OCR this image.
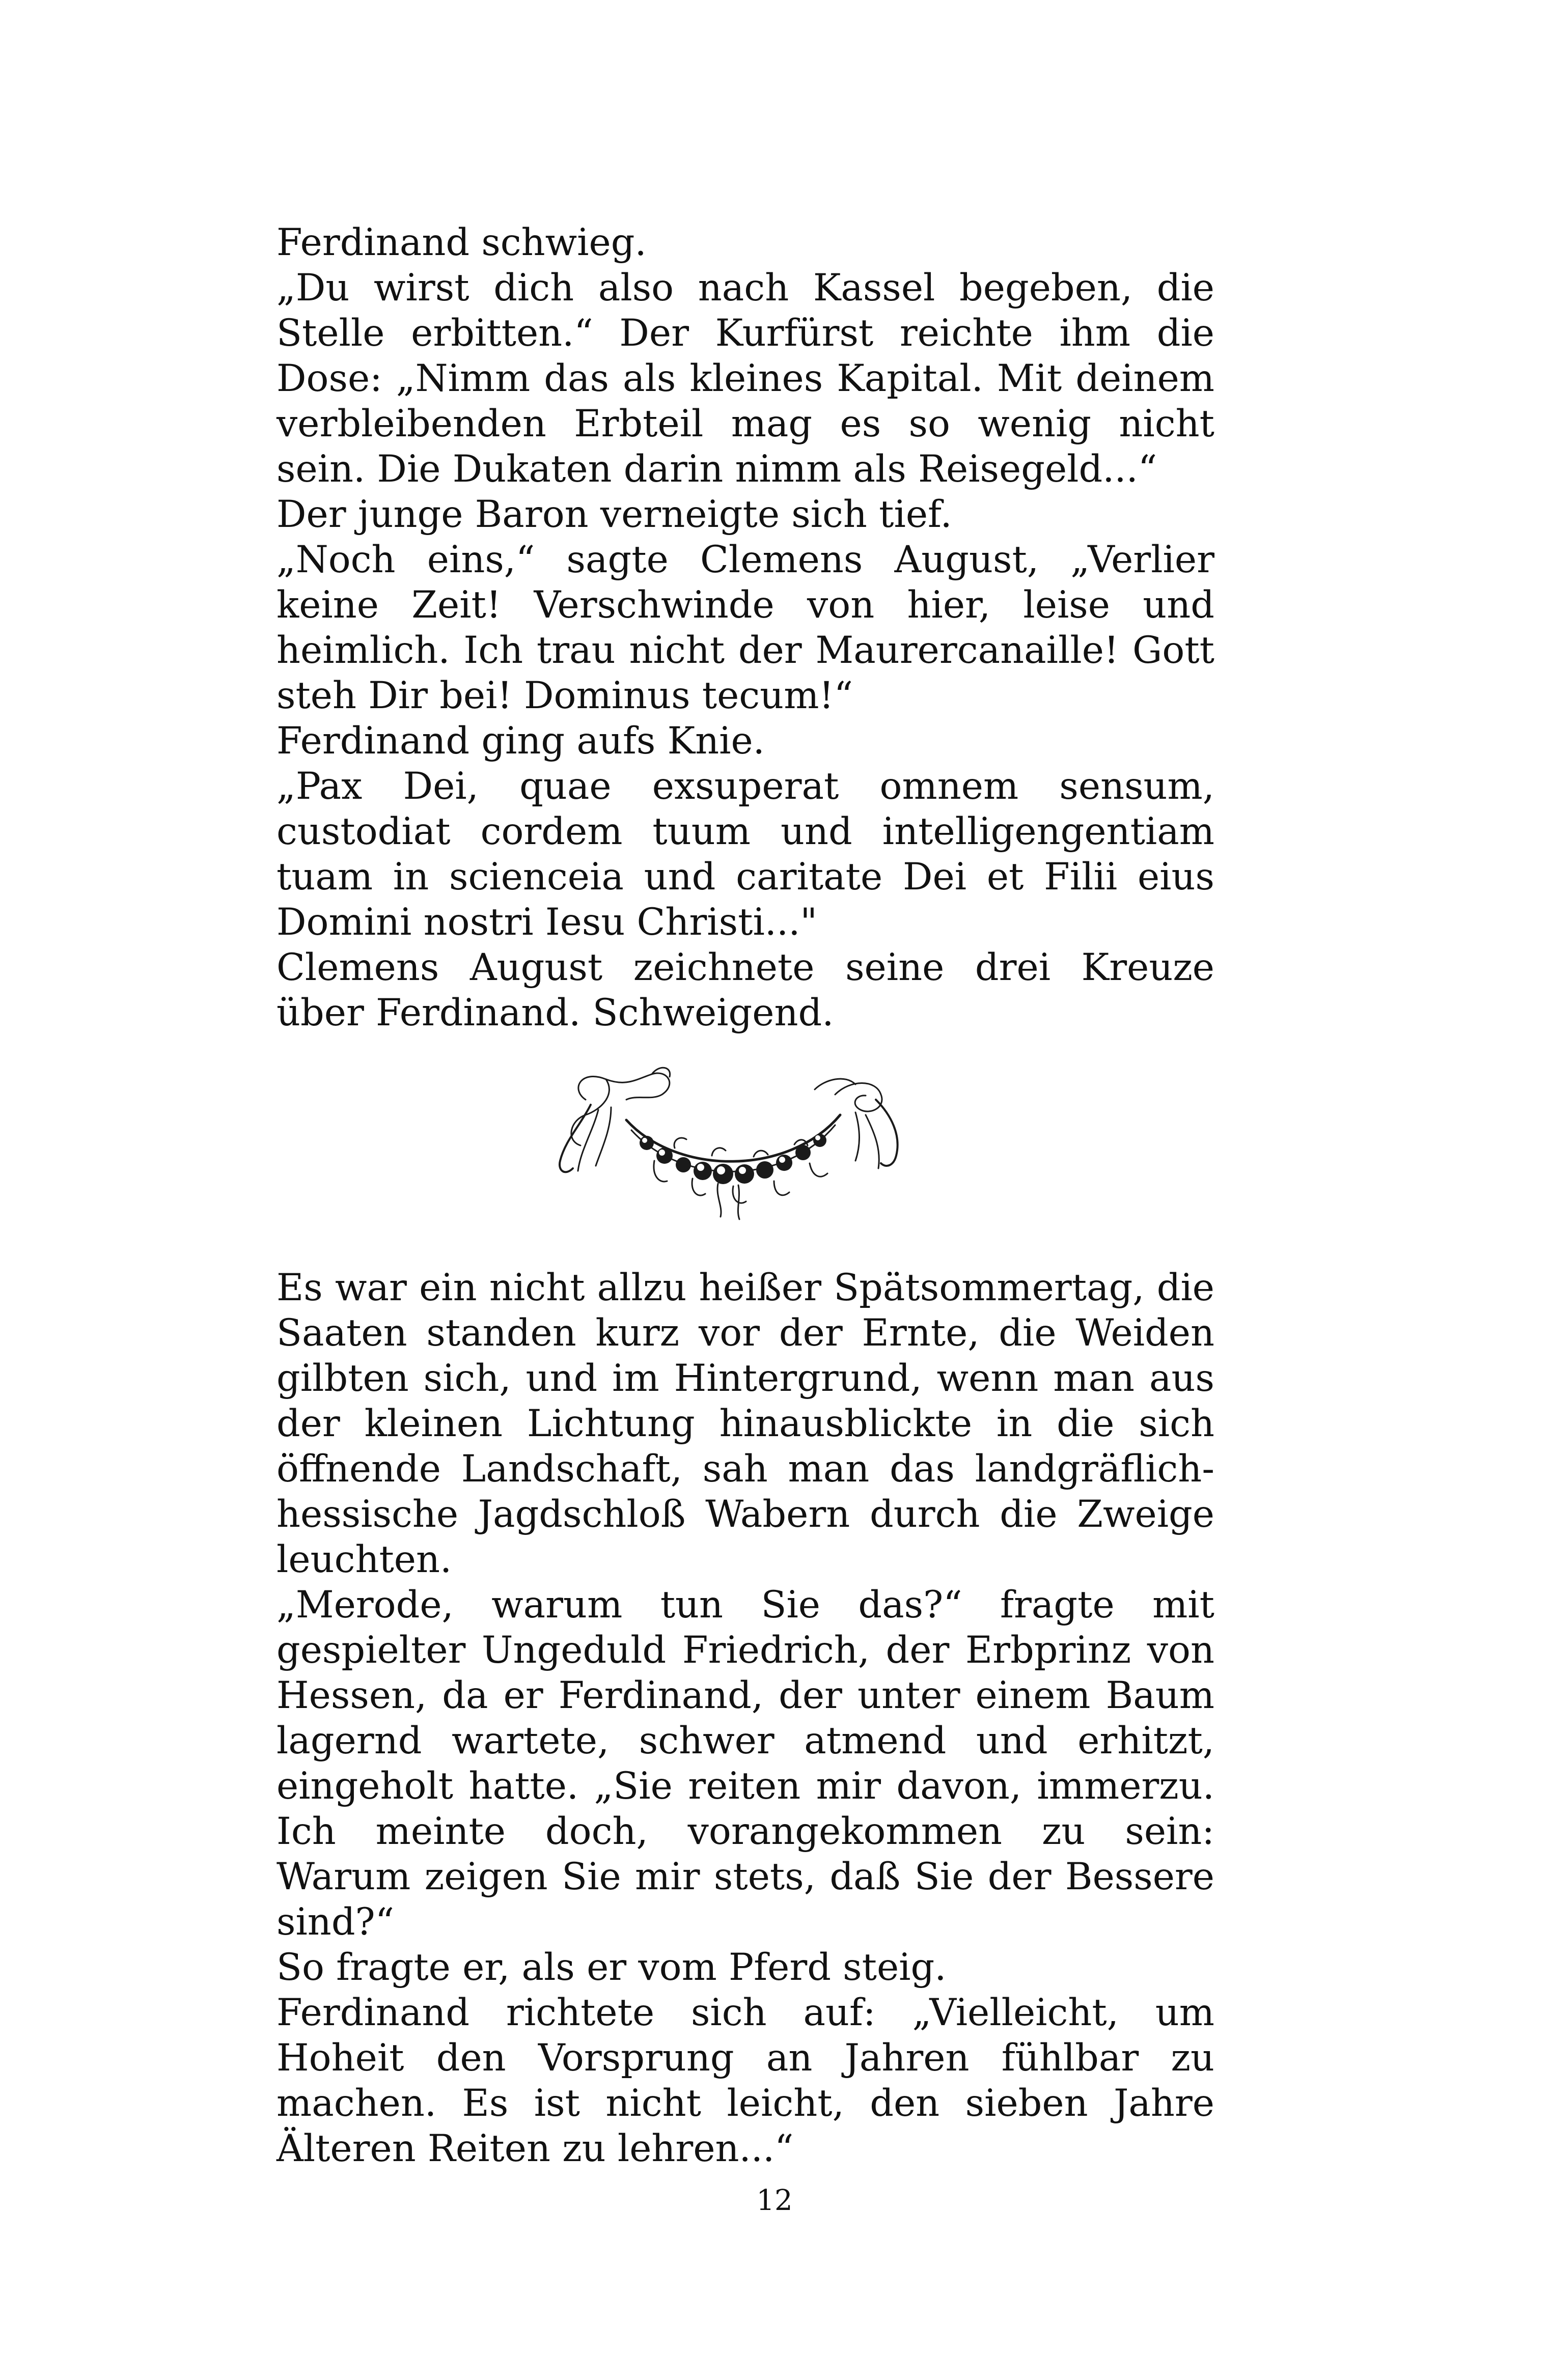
Ferdinand schwieg.

„Du wirst dich also nach Kassel begeben, die Stelle erbitten.“ Der Kurfürst reichte ihm die Dose: „Nimm das als kleines Kapital. Mit deinem verbleibenden Erbteil mag es so wenig nicht sein. Die Dukaten darin nimm als Reisegeld...“

Der junge Baron verneigte sich tief.

„Noch eins,“ sagte Clemens August, „Verlier keine Zeit! Verschwinde von hier, leise und heimlich. Ich trau nicht der Maurercanaille! Gott steh Dir bei! Dominus tecum!“

Ferdinand ging aufs Knie.

„Pax Dei, quae exsuperat omnem sensum, custodiat cordem tuum und intelligengentiam tuam in scienceia und caritate Dei et Filii eius Domini nostri Iesu Christi..."

Clemens August zeichnete seine drei Kreuze über Ferdinand. Schweigend.

Es war ein nicht allzu heißer Spätsommertag, die Saaten standen kurz vor der Ernte, die Weiden gilbten sich, und im Hintergrund, wenn man aus der kleinen Lichtung hinausblickte in die sich öffnende Landschaft, sah man das landgräflich-hessische Jagdschloß Wabern durch die Zweige leuchten.

„Merode, warum tun Sie das?“ fragte mit gespielter Ungeduld Friedrich, der Erbprinz von Hessen, da er Ferdinand, der unter einem Baum lagernd wartete, schwer atmend und erhitzt, eingeholt hatte. „Sie reiten mir davon, immerzu. Ich meinte doch, vorangekommen zu sein: Warum zeigen Sie mir stets, daß Sie der Bessere sind?“

So fragte er, als er vom Pferd steig.

Ferdinand richtete sich auf: „Vielleicht, um Hoheit den Vorsprung an Jahren fühlbar zu machen. Es ist nicht leicht, den sieben Jahre Älteren Reiten zu lehren...“

12
